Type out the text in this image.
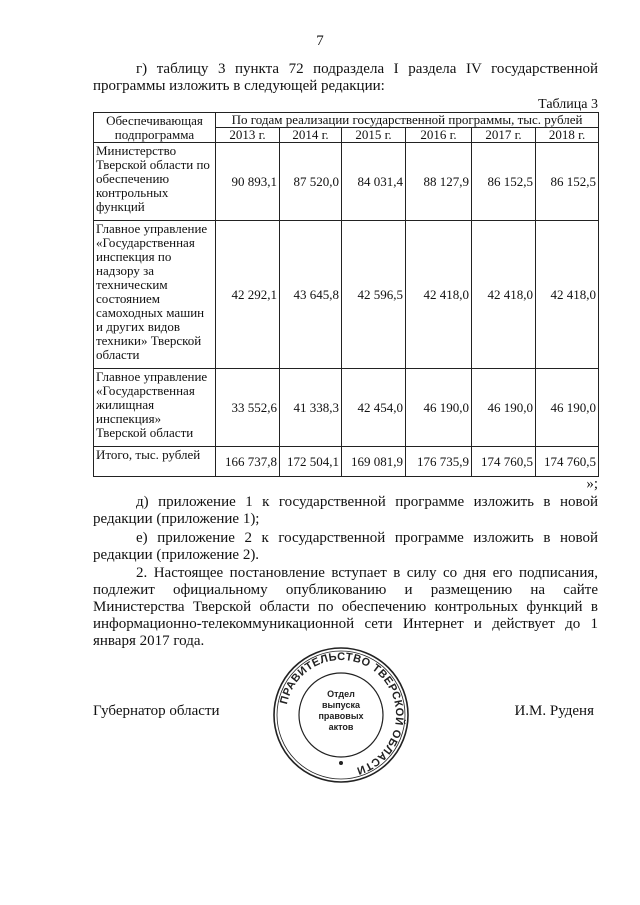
7
г) таблицу 3 пункта 72 подраздела I раздела IV государственной программы изложить в следующей редакции:
Таблица 3
Обеспечивающая подпрограмма	По годам реализации государственной программы, тыс. рублей					
	2013 г.	2014 г.	2015 г.	2016 г.	2017 г.	2018 г.
Министерство Тверской области по обеспечению контрольных функций	90 893,1	87 520,0	84 031,4	88 127,9	86 152,5	86 152,5
Главное управление «Государственная инспекция по надзору за техническим состоянием самоходных машин и других видов техники» Тверской области	42 292,1	43 645,8	42 596,5	42 418,0	42 418,0	42 418,0
Главное управление «Государственная жилищная инспекция» Тверской области	33 552,6	41 338,3	42 454,0	46 190,0	46 190,0	46 190,0
Итого, тыс. рублей	166 737,8	172 504,1	169 081,9	176 735,9	174 760,5	174 760,5
»;
д) приложение 1 к государственной программе изложить в новой редакции (приложение 1);
е) приложение 2 к государственной программе изложить в новой редакции (приложение 2).
2. Настоящее постановление вступает в силу со дня его подписания, подлежит официальному опубликованию и размещению на сайте Министерства Тверской области по обеспечению контрольных функций в информационно-телекоммуникационной сети Интернет и действует до 1 января 2017 года.
Губернатор области	И.М. Руденя
ПРАВИТЕЛЬСТВО ТВЕРСКОЙ ОБЛАСТИ
Отдел
выпуска
правовых
актов
